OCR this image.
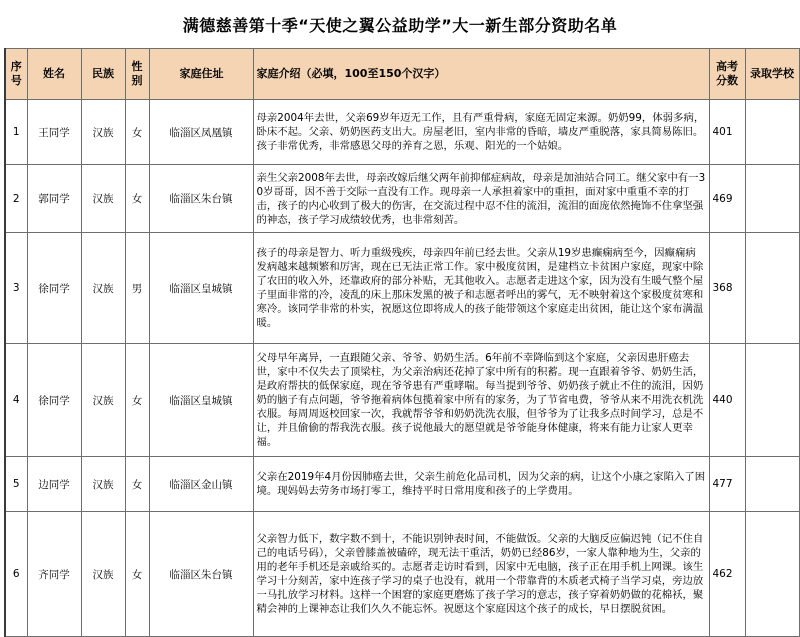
满德慈善第十季“天使之翼公益助学”大一新生部分资助名单
序号	姓名	民族	性别	家庭住址	家庭介绍（必填，100至150个汉字）	高考分数	录取学校
1	王同学	汉族	女	临淄区凤凰镇	母亲2004年去世，父亲69岁年迈无工作，且有严重骨病，家庭无固定来源。奶奶99，体弱多病，卧床不起。父亲、奶奶医药支出大。房屋老旧，室内非常的昏暗，墙皮严重脱落，家具简易陈旧。孩子非常优秀，非常感恩父母的养育之恩，乐观、阳光的一个姑娘。	401	
2	郭同学	汉族	女	临淄区朱台镇	亲生父亲2008年去世，母亲改嫁后继父两年前抑郁症病故，母亲是加油站合同工。继父家中有一30岁哥哥，因不善于交际一直没有工作。现母亲一人承担着家中的重担，面对家中重重不幸的打击，孩子的内心收到了极大的伤害，在交流过程中忍不住的流泪，流泪的面庞依然掩饰不住拿坚强的神态，孩子学习成绩较优秀，也非常刻苦。	469	
3	徐同学	汉族	男	临淄区皇城镇	孩子的母亲是智力、听力重级残疾，母亲四年前已经去世。父亲从19岁患癫痫病至今，因癫痫病发病越来越频繁和厉害，现在已无法正常工作。家中极度贫困，是建档立卡贫困户家庭，现家中除了农田的收入外，还靠政府的部分补贴，无其他收入。志愿者走进这个家，因为没有生暖气整个屋子里面非常的冷，凌乱的床上那床发黑的被子和志愿者呼出的雾气，无不映射着这个家极度贫寒和寒冷。该同学非常的朴实，祝愿这位即将成人的孩子能带领这个家庭走出贫困，能让这个家布满温暖。	368	
4	徐同学	汉族	女	临淄区皇城镇	父母早年离异，一直跟随父亲、爷爷、奶奶生活。6年前不幸降临到这个家庭，父亲因患肝癌去世，家中不仅失去了顶梁柱，为父亲治病还花掉了家中所有的积蓄。现一直跟着爷爷、奶奶生活，是政府帮扶的低保家庭，现在爷爷患有严重哮喘。每当提到爷爷、奶奶孩子就止不住的流泪，因奶奶的脑子有点问题，爷爷拖着病体包揽着家中所有的家务，为了节省电费，爷爷从来不用洗衣机洗衣服。每周周返校回家一次，我就帮爷爷和奶奶洗洗衣服，但爷爷为了让我多点时间学习，总是不让，并且偷偷的帮我洗衣服。孩子说他最大的愿望就是爷爷能身体健康，将来有能力让家人更幸福。	440	
5	边同学	汉族	女	临淄区金山镇	父亲在2019年4月份因肺癌去世，父亲生前危化品司机，因为父亲的病，让这个小康之家陷入了困境。现妈妈去劳务市场打零工，维持平时日常用度和孩子的上学费用。	477	
6	齐同学	汉族	女	临淄区朱台镇	父亲智力低下，数字数不到十，不能识别钟表时间，不能做饭。父亲的大脑反应偏迟钝（记不住自己的电话号码），父亲曾膝盖被磕碎，现无法干重活，奶奶已经86岁，一家人靠种地为生，父亲的用的老年手机还是亲戚给买的。志愿者走访时看到，因家中无电脑，孩子正在用手机上网课。该生学习十分刻苦，家中连孩子学习的桌子也没有，就用一个带靠背的木质老式椅子当学习桌，旁边放一马扎放学习材料。这样一个困窘的家庭更磨炼了孩子学习的意志，孩子穿着奶奶做的花棉袄，聚精会神的上课神态让我们久久不能忘怀。祝愿这个家庭因这个孩子的成长，早日摆脱贫困。	462	
